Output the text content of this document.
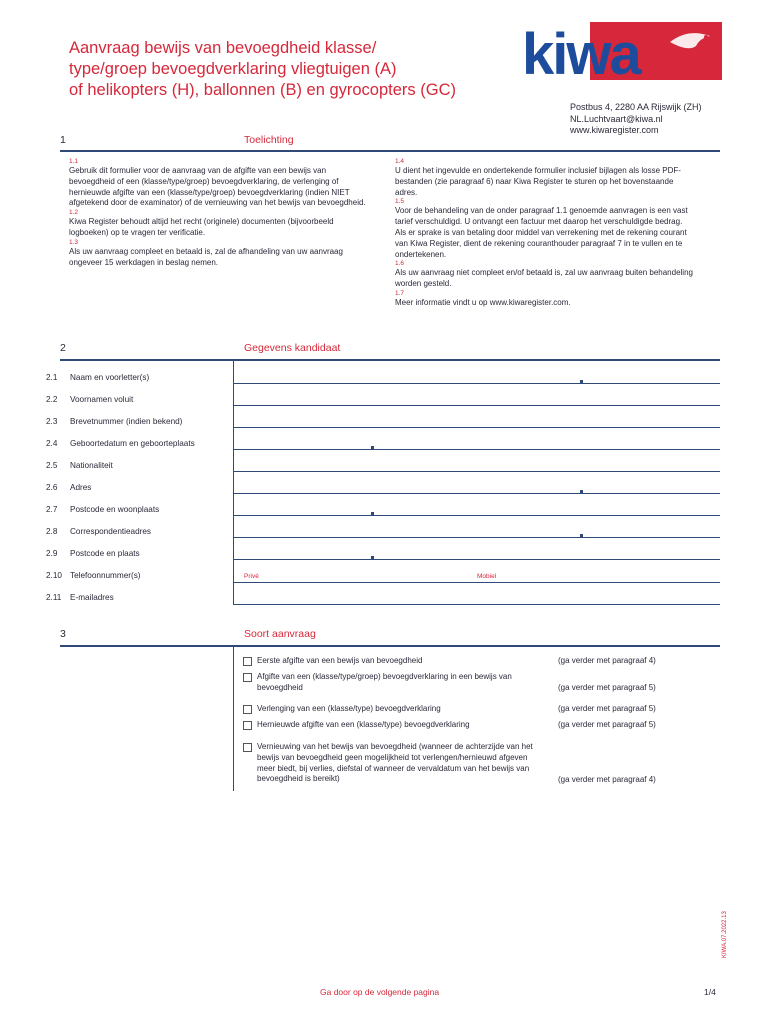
Aanvraag bewijs van bevoegdheid klasse/
type/groep bevoegdverklaring vliegtuigen (A)
of helikopters (H), ballonnen (B) en gyrocopters (GC)
kiwa
Postbus 4, 2280 AA Rijswijk (ZH)
NL.Luchtvaart@kiwa.nl
www.kiwaregister.com
1	Toelichting
1.1
Gebruik dit formulier voor de aanvraag van de afgifte van een bewijs van bevoegdheid of een (klasse/type/groep) bevoegdverklaring, de verlenging of hernieuwde afgifte van een (klasse/type/groep) bevoegdverklaring (indien NIET afgetekend door de examinator) of de vernieuwing van het bewijs van bevoegdheid.
1.2
Kiwa Register behoudt altijd het recht (originele) documenten (bijvoorbeeld logboeken) op te vragen ter verificatie.
1.3
Als uw aanvraag compleet en betaald is, zal de afhandeling van uw aanvraag ongeveer 15 werkdagen in beslag nemen.
1.4
U dient het ingevulde en ondertekende formulier inclusief bijlagen als losse PDF-bestanden (zie paragraaf 6) naar Kiwa Register te sturen op het bovenstaande adres.
1.5
Voor de behandeling van de onder paragraaf 1.1 genoemde aanvragen is een vast tarief verschuldigd. U ontvangt een factuur met daarop het verschuldigde bedrag. Als er sprake is van betaling door middel van verrekening met de rekening courant van Kiwa Register, dient de rekening couranthouder paragraaf 7 in te vullen en te ondertekenen.
1.6
Als uw aanvraag niet compleet en/of betaald is, zal uw aanvraag buiten behandeling worden gesteld.
1.7
Meer informatie vindt u op www.kiwaregister.com.
2	Gegevens kandidaat
2.1 Naam en voorletter(s)
2.2 Voornamen voluit
2.3 Brevetnummer (indien bekend)
2.4 Geboortedatum en geboorteplaats
2.5 Nationaliteit
2.6 Adres
2.7 Postcode en woonplaats
2.8 Correspondentieadres
2.9 Postcode en plaats
2.10 Telefoonnummer(s)	Privé	Mobiel
2.11 E-mailadres
3	Soort aanvraag
Eerste afgifte van een bewijs van bevoegdheid	(ga verder met paragraaf 4)
Afgifte van een (klasse/type/groep) bevoegdverklaring in een bewijs van bevoegdheid	(ga verder met paragraaf 5)
Verlenging van een (klasse/type) bevoegdverklaring	(ga verder met paragraaf 5)
Hernieuwde afgifte van een (klasse/type) bevoegdverklaring	(ga verder met paragraaf 5)
Vernieuwing van het bewijs van bevoegdheid (wanneer de achterzijde van het bewijs van bevoegdheid geen mogelijkheid tot verlengen/hernieuwd afgeven meer biedt, bij verlies, diefstal of wanneer de vervaldatum van het bewijs van bevoegdheid is bereikt)	(ga verder met paragraaf 4)
Ga door op de volgende pagina	1/4
KIWA.07.2022.13
